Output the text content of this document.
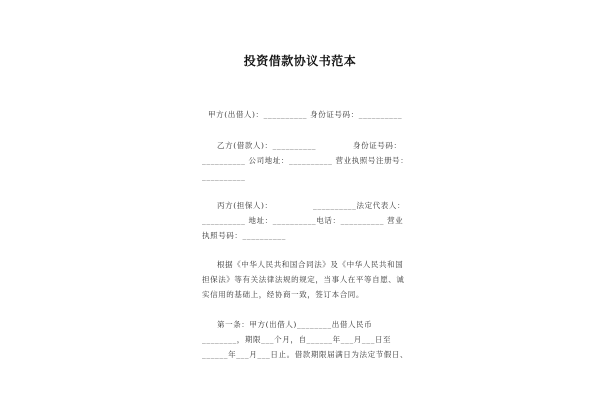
投资借款协议书范本
甲方(出借人)：__________ 身份证号码：__________
乙方(借款人)：__________	身份证号码：
__________ 公司地址：__________ 营业执照号注册号：
__________
丙方(担保人)：	__________法定代表人：
__________ 地址：__________电话：__________ 营业
执照号码：__________
根据《中华人民共和国合同法》及《中华人民共和国
担保法》等有关法律法规的规定，当事人在平等自愿、诚
实信用的基础上，经协商一致，签订本合同。
第一条：甲方(出借人)________出借人民币
________，期限___个月，自______年___月___日至
______年___月___日止。借款期限届满日为法定节假日、
